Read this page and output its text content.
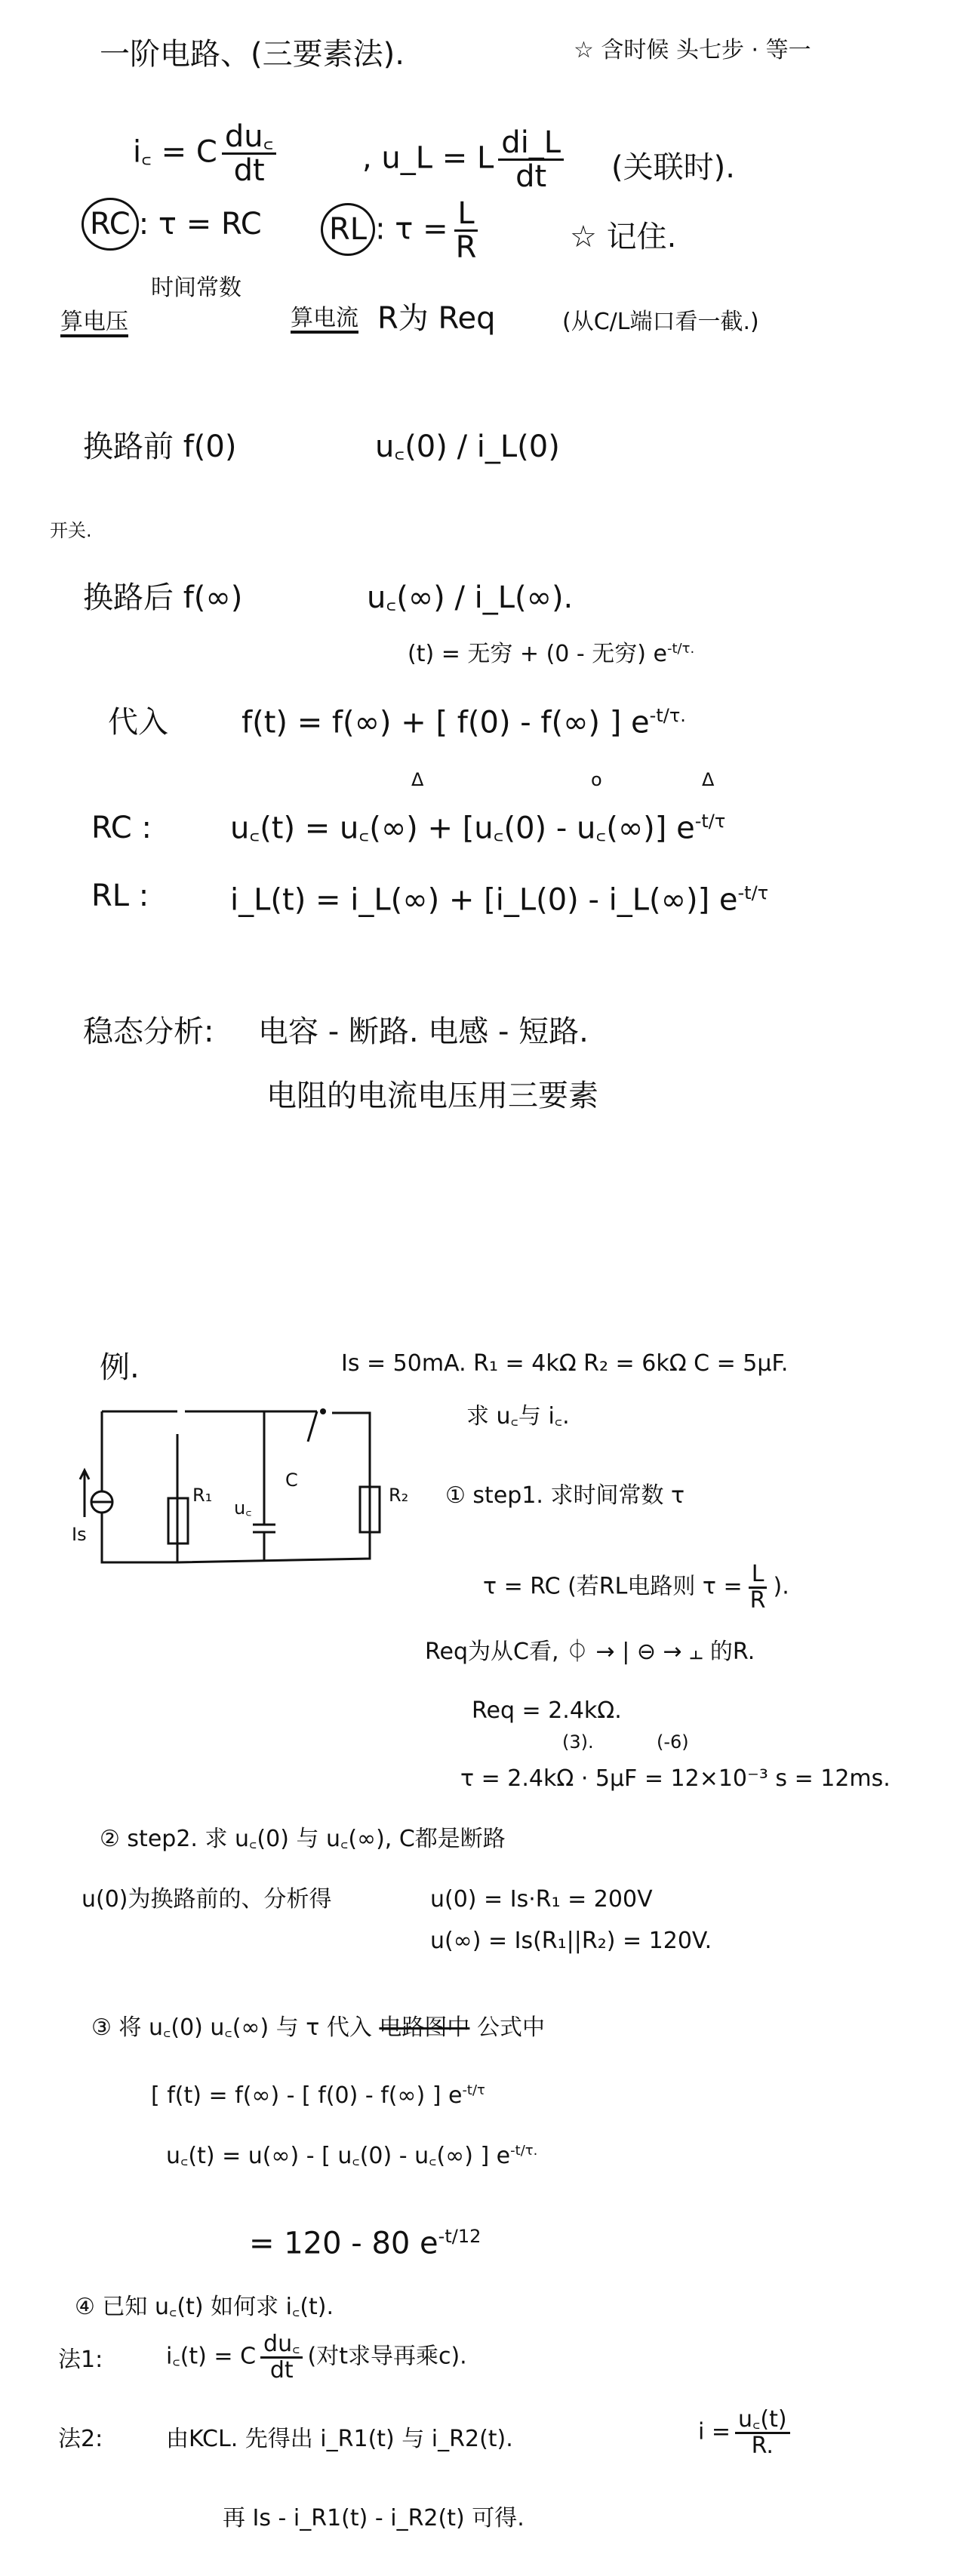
一阶电路、(三要素法).	☆ 含时候 头七步 · 等一
i꜀ = C $\frac{du꜀}{dt}$	, u_L = L $\frac{di\_L}{dt}$ (关联时).
RC : τ = RC RL : $\tau = \frac{L}{R}$	☆ 记住.
时间常数
算电压	算电流 R为 Req	(从C/L端口看一截.)
换路前 f(0)	u꜀(0) / i_L(0)
开关.
换路后 f(∞)	u꜀(∞) / i_L(∞).
(t) = 无穷 + (0 - 无穷) $e^{-t/\tau.}$
代入 f(t) = f(∞) + [ f(0) - f(∞) ] $e^{-t/\tau.}$
Δ	o	Δ
RC :	u꜀(t) = u꜀(∞) + [u꜀(0) - u꜀(∞)] $e^{-t/\tau}$
RL :	i_L(t) = i_L(∞) + [i_L(0) - i_L(∞)] $e^{-t/\tau}$
稳态分析: 电容 - 断路. 电感 - 短路.
电阻的电流电压用三要素
例.	Is = 50mA. R₁ = 4kΩ R₂ = 6kΩ C = 5μF.
求 u꜀与 i꜀.
Is
R₁
u꜀
C
R₂ ① step1. 求时间常数 τ
τ = RC (若RL电路则 $\tau = \frac{L}{R}$ ).
Req为从C看, ⏀ → | ⊖ → ⫠ 的R.
Req = 2.4kΩ.
(3).	(-6)
τ = 2.4kΩ · 5μF = 12×10⁻³ s = 12ms.
② step2. 求 u꜀(0) 与 u꜀(∞), C都是断路
u(0)为换路前的、分析得	u(0) = Is·R₁ = 200V
u(∞) = Is(R₁||R₂) = 120V.
③ 将 u꜀(0) u꜀(∞) 与 τ 代入 电路图中 公式中
[ f(t) = f(∞) - [ f(0) - f(∞) ] $e^{-t/\tau}$
u꜀(t) = u(∞) - [ u꜀(0) - u꜀(∞) ] $e^{-t/\tau.}$
= 120 - 80 $e^{-t/12}$
④ 已知 u꜀(t) 如何求 i꜀(t).
法1:	i꜀(t) = C $\frac{du꜀}{dt}$ (对t求导再乘c).
法2:	由KCL. 先得出 i_R1(t) 与 i_R2(t).	$i = \frac{u꜀(t)}{R.}$
再 Is - i_R1(t) - i_R2(t) 可得.
